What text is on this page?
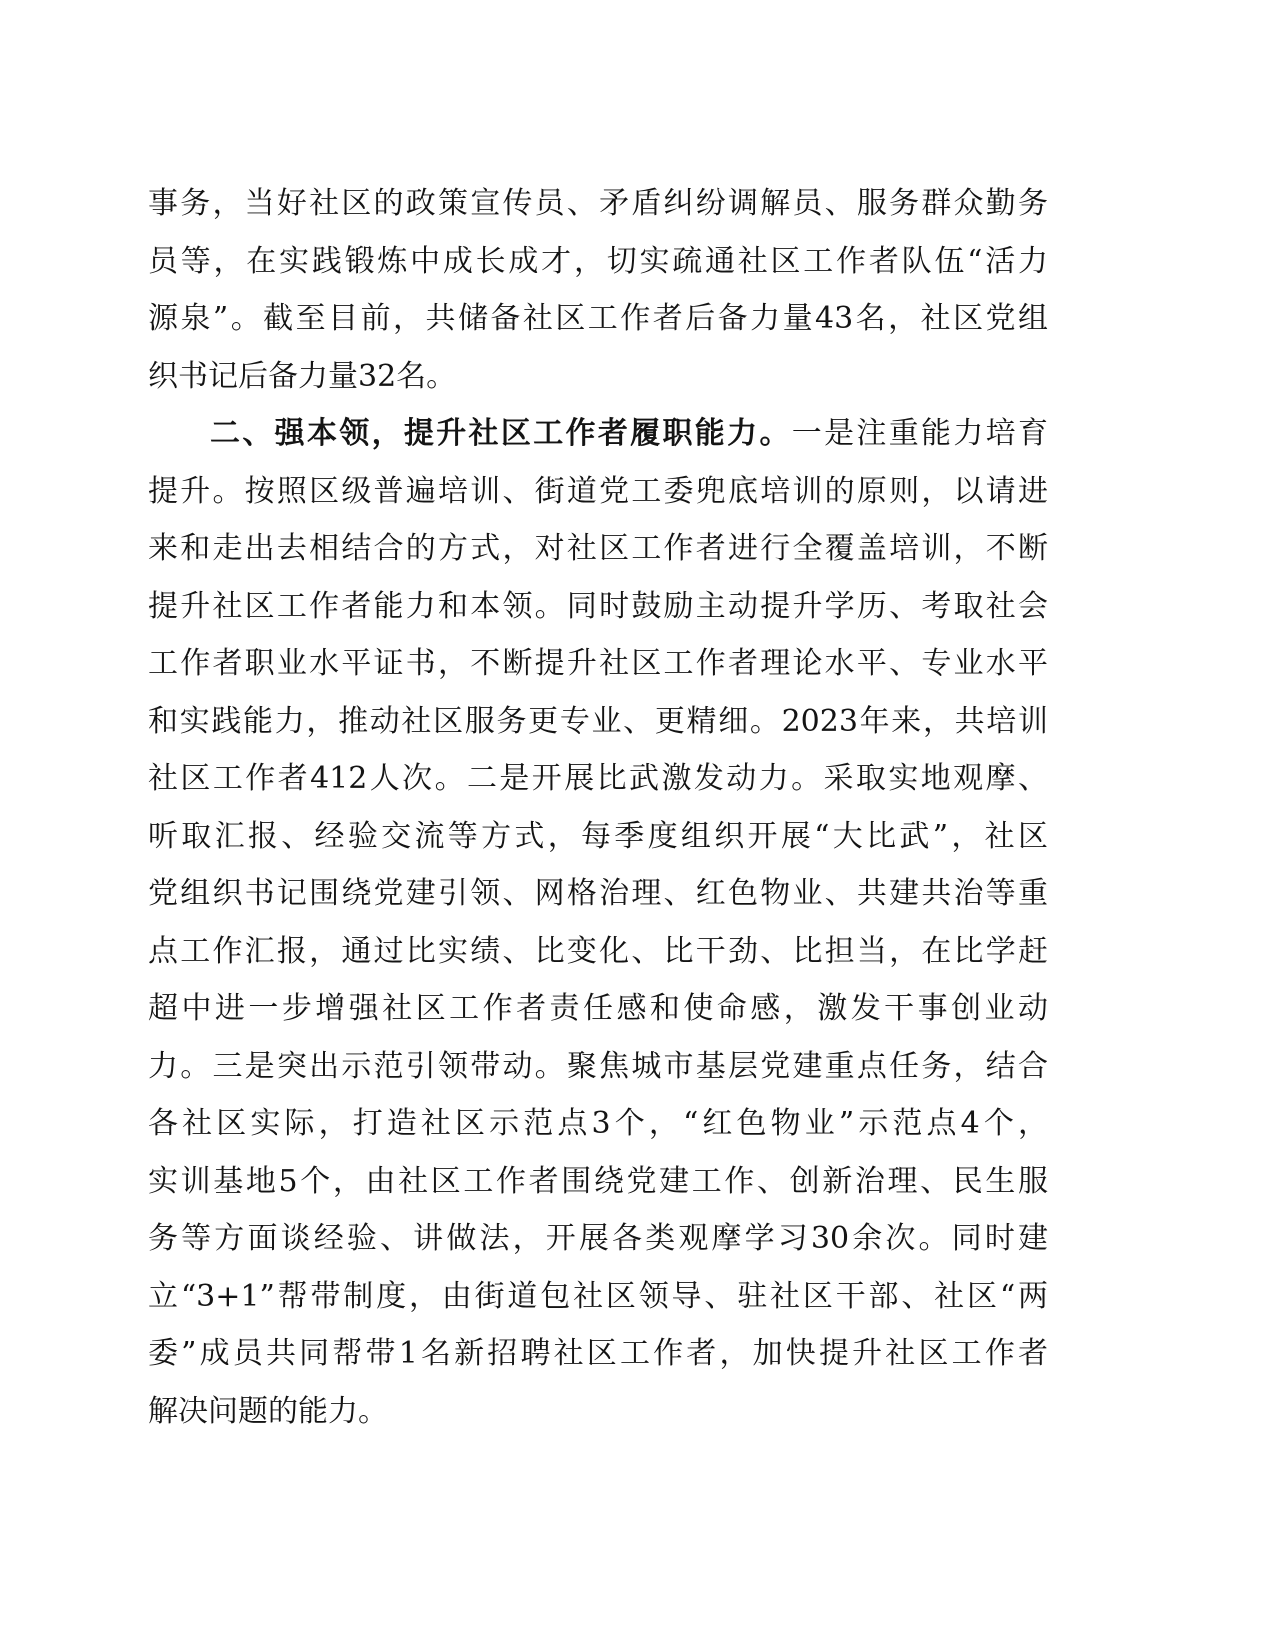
事务，当好社区的政策宣传员、矛盾纠纷调解员、服务群众勤务
员等，在实践锻炼中成长成才，切实疏通社区工作者队伍“活力
源泉”。截至目前，共储备社区工作者后备力量43名，社区党组
织书记后备力量32名。
二、强本领，提升社区工作者履职能力。一是注重能力培育
提升。按照区级普遍培训、街道党工委兜底培训的原则，以请进
来和走出去相结合的方式，对社区工作者进行全覆盖培训，不断
提升社区工作者能力和本领。同时鼓励主动提升学历、考取社会
工作者职业水平证书，不断提升社区工作者理论水平、专业水平
和实践能力，推动社区服务更专业、更精细。2023年来，共培训
社区工作者412人次。二是开展比武激发动力。采取实地观摩、
听取汇报、经验交流等方式，每季度组织开展“大比武”，社区
党组织书记围绕党建引领、网格治理、红色物业、共建共治等重
点工作汇报，通过比实绩、比变化、比干劲、比担当，在比学赶
超中进一步增强社区工作者责任感和使命感，激发干事创业动
力。三是突出示范引领带动。聚焦城市基层党建重点任务，结合
各社区实际，打造社区示范点3个，“红色物业”示范点4个，
实训基地5个，由社区工作者围绕党建工作、创新治理、民生服
务等方面谈经验、讲做法，开展各类观摩学习30余次。同时建
立“3+1”帮带制度，由街道包社区领导、驻社区干部、社区“两
委”成员共同帮带1名新招聘社区工作者，加快提升社区工作者
解决问题的能力。
